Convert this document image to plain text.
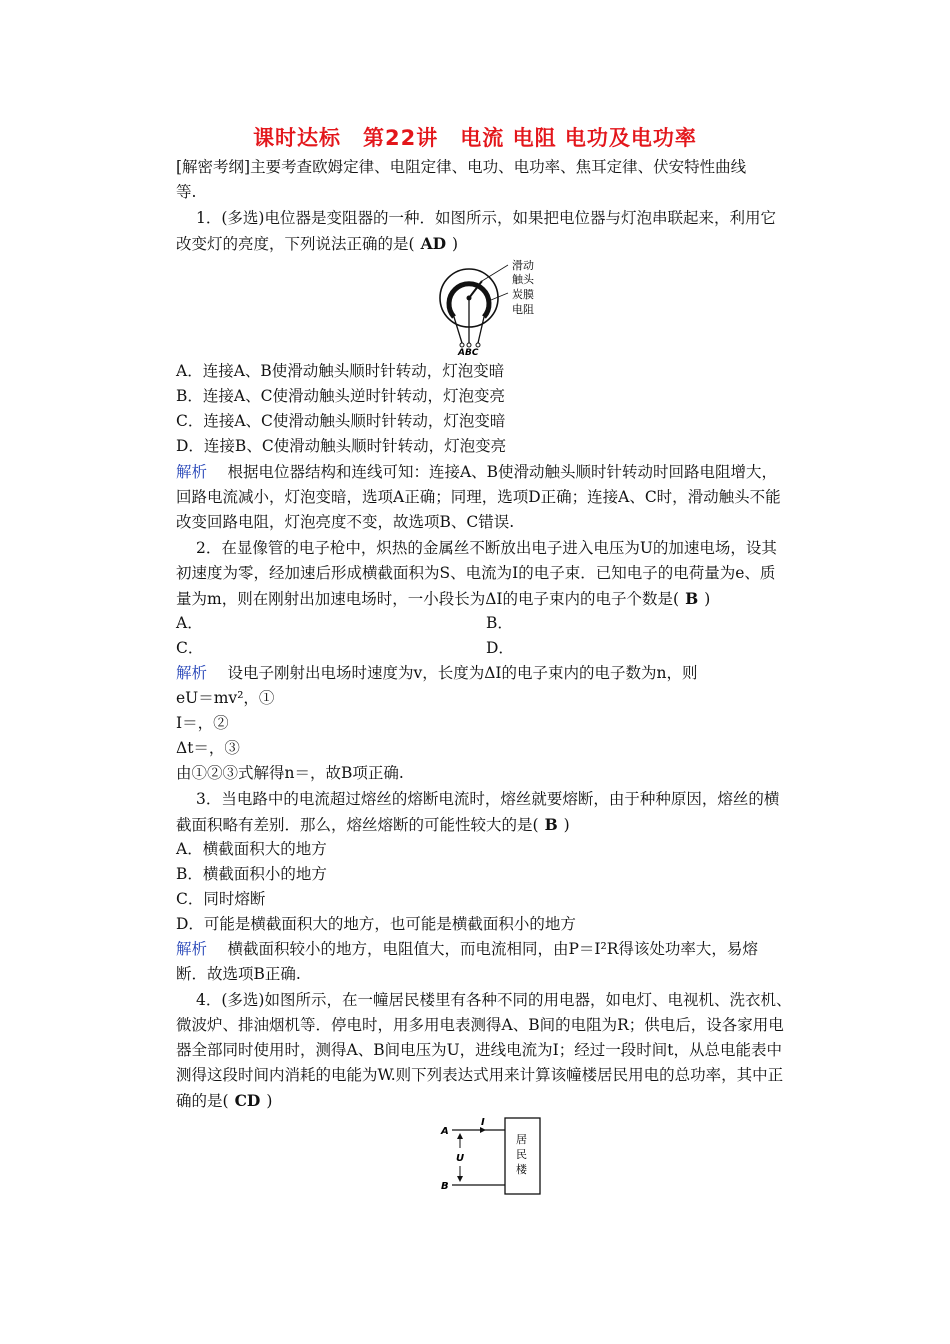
课时达标　第22讲　电流 电阻 电功及电功率
[解密考纲]主要考查欧姆定律、电阻定律、电功、电功率、焦耳定律、伏安特性曲线
等.
1．(多选)电位器是变阻器的一种．如图所示，如果把电位器与灯泡串联起来，利用它
改变灯的亮度，下列说法正确的是( AD )
滑动
触头
炭膜
电阻
ABC
A．连接A、B使滑动触头顺时针转动，灯泡变暗
B．连接A、C使滑动触头逆时针转动，灯泡变亮
C．连接A、C使滑动触头顺时针转动，灯泡变暗
D．连接B、C使滑动触头顺时针转动，灯泡变亮
解析　 根据电位器结构和连线可知：连接A、B使滑动触头顺时针转动时回路电阻增大，
回路电流减小，灯泡变暗，选项A正确；同理，选项D正确；连接A、C时，滑动触头不能
改变回路电阻，灯泡亮度不变，故选项B、C错误.
2．在显像管的电子枪中，炽热的金属丝不断放出电子进入电压为U的加速电场，设其
初速度为零，经加速后形成横截面积为S、电流为I的电子束．已知电子的电荷量为e、质
量为m，则在刚射出加速电场时，一小段长为ΔI的电子束内的电子个数是( B )
A．	B．
C．	D．
解析　 设电子刚射出电场时速度为v，长度为ΔI的电子束内的电子数为n，则
eU＝mv²，①
I＝，②
Δt＝，③
由①②③式解得n＝，故B项正确.
3．当电路中的电流超过熔丝的熔断电流时，熔丝就要熔断，由于种种原因，熔丝的横
截面积略有差别．那么，熔丝熔断的可能性较大的是( B )
A．横截面积大的地方
B．横截面积小的地方
C．同时熔断
D．可能是横截面积大的地方，也可能是横截面积小的地方
解析　 横截面积较小的地方，电阻值大，而电流相同，由P＝I²R得该处功率大，易熔
断．故选项B正确.
4．(多选)如图所示，在一幢居民楼里有各种不同的用电器，如电灯、电视机、洗衣机、
微波炉、排油烟机等．停电时，用多用电表测得A、B间的电阻为R；供电后，设各家用电
器全部同时使用时，测得A、B间电压为U，进线电流为I；经过一段时间t，从总电能表中
测得这段时间内消耗的电能为W.则下列表达式用来计算该幢楼居民用电的总功率，其中正
确的是( CD )
A
B
I
U
居
民
楼
